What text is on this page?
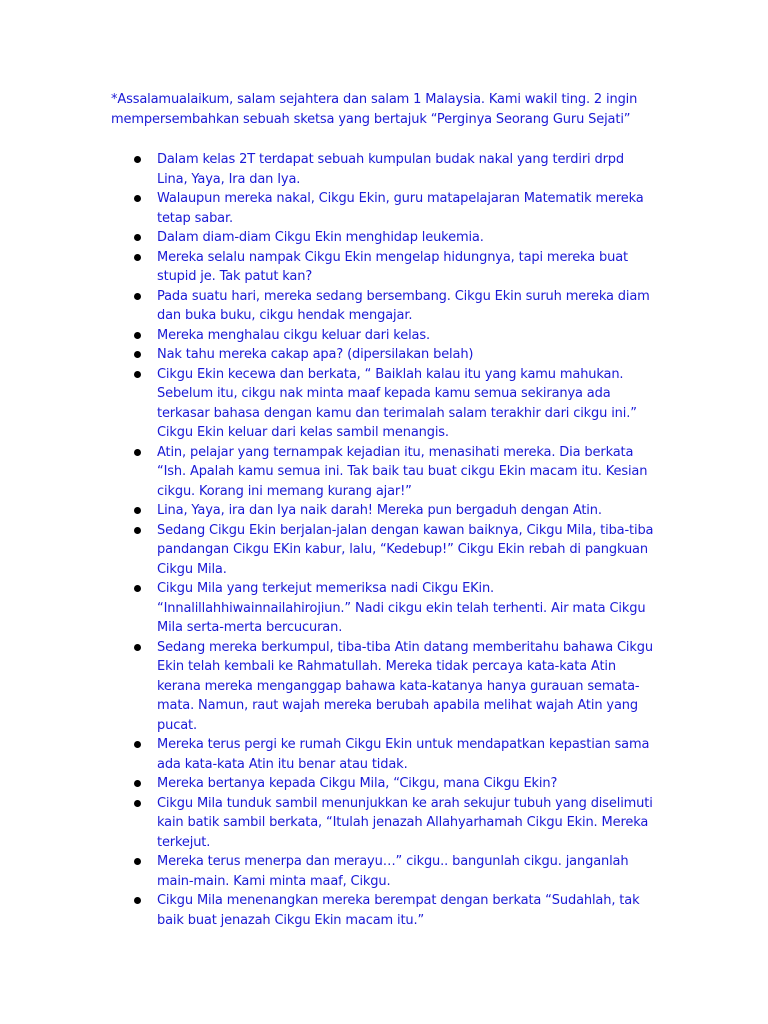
*Assalamualaikum, salam sejahtera dan salam 1 Malaysia. Kami wakil ting. 2 ingin mempersembahkan sebuah sketsa yang bertajuk “Perginya Seorang Guru Sejati”

Dalam kelas 2T terdapat sebuah kumpulan budak nakal yang terdiri drpd Lina, Yaya, Ira dan Iya.
Walaupun mereka nakal, Cikgu Ekin, guru matapelajaran Matematik mereka tetap sabar.
Dalam diam-diam Cikgu Ekin menghidap leukemia.
Mereka selalu nampak Cikgu Ekin mengelap hidungnya, tapi mereka buat stupid je. Tak patut kan?
Pada suatu hari, mereka sedang bersembang. Cikgu Ekin suruh mereka diam dan buka buku, cikgu hendak mengajar.
Mereka menghalau cikgu keluar dari kelas.
Nak tahu mereka cakap apa? (dipersilakan belah)
Cikgu Ekin kecewa dan berkata, “ Baiklah kalau itu yang kamu mahukan. Sebelum itu, cikgu nak minta maaf kepada kamu semua sekiranya ada terkasar bahasa dengan kamu dan terimalah salam terakhir dari cikgu ini.” Cikgu Ekin keluar dari kelas sambil menangis.
Atin, pelajar yang ternampak kejadian itu, menasihati mereka. Dia berkata “Ish. Apalah kamu semua ini. Tak baik tau buat cikgu Ekin macam itu. Kesian cikgu. Korang ini memang kurang ajar!”
Lina, Yaya, ira dan Iya naik darah! Mereka pun bergaduh dengan Atin.
Sedang Cikgu Ekin berjalan-jalan dengan kawan baiknya, Cikgu Mila, tiba-tiba pandangan Cikgu EKin kabur, lalu, “Kedebup!” Cikgu Ekin rebah di pangkuan Cikgu Mila.
Cikgu Mila yang terkejut memeriksa nadi Cikgu EKin. “Innalillahhiwainnailahirojiun.” Nadi cikgu ekin telah terhenti. Air mata Cikgu Mila serta-merta bercucuran.
Sedang mereka berkumpul, tiba-tiba Atin datang memberitahu bahawa Cikgu Ekin telah kembali ke Rahmatullah. Mereka tidak percaya kata-kata Atin kerana mereka menganggap bahawa kata-katanya hanya gurauan semata-mata. Namun, raut wajah mereka berubah apabila melihat wajah Atin yang pucat.
Mereka terus pergi ke rumah Cikgu Ekin untuk mendapatkan kepastian sama ada kata-kata Atin itu benar atau tidak.
Mereka bertanya kepada Cikgu Mila, “Cikgu, mana Cikgu Ekin?
Cikgu Mila tunduk sambil menunjukkan ke arah sekujur tubuh yang diselimuti kain batik sambil berkata, “Itulah jenazah Allahyarhamah Cikgu Ekin. Mereka terkejut.
Mereka terus menerpa dan merayu…” cikgu.. bangunlah cikgu. janganlah main-main. Kami minta maaf, Cikgu.
Cikgu Mila menenangkan mereka berempat dengan berkata “Sudahlah, tak baik buat jenazah Cikgu Ekin macam itu.”
